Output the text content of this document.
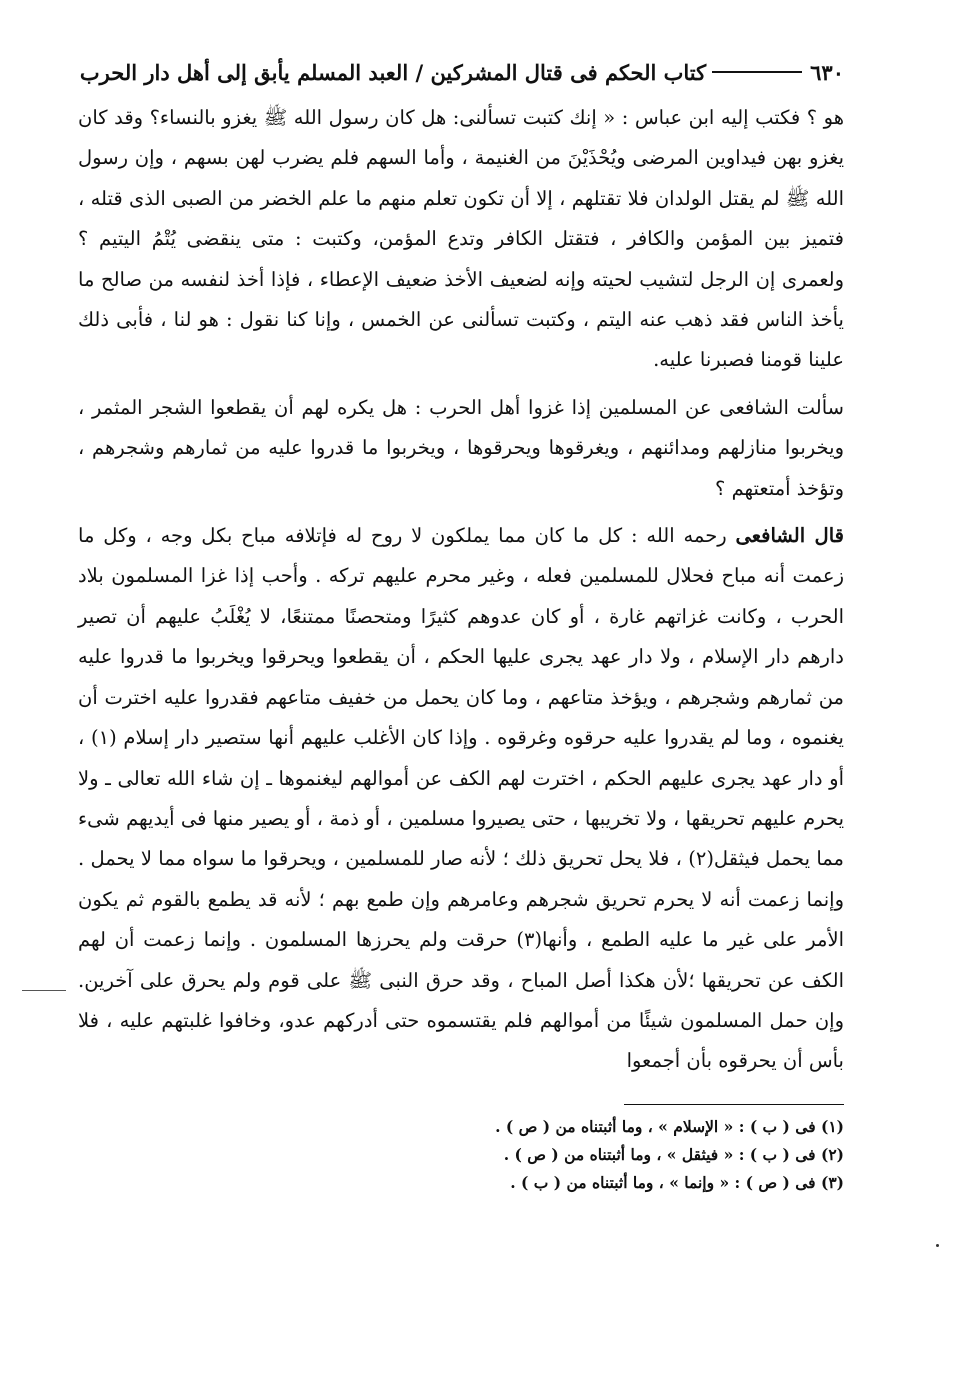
٦٣٠
كتاب الحكم فى قتال المشركين / العبد المسلم يأبق إلى أهل دار الحرب

هو ؟ فكتب إليه ابن عباس : « إنك كتبت تسألنى: هل كان رسول الله ﷺ يغزو بالنساء؟ وقد كان يغزو بهن فيداوين المرضى ويُحْذَيْنَ من الغنيمة ، وأما السهم فلم يضرب لهن بسهم ، وإن رسول الله ﷺ لم يقتل الولدان فلا تقتلهم ، إلا أن تكون تعلم منهم ما علم الخضر من الصبى الذى قتله ، فتميز بين المؤمن والكافر ، فتقتل الكافر وتدع المؤمن، وكتبت : متى ينقضى يُتْمُ اليتيم ؟ ولعمرى إن الرجل لتشيب لحيته وإنه لضعيف الأخذ ضعيف الإعطاء ، فإذا أخذ لنفسه من صالح ما يأخذ الناس فقد ذهب عنه اليتم ، وكتبت تسألنى عن الخمس ، وإنا كنا نقول : هو لنا ، فأبى ذلك علينا قومنا فصبرنا عليه.

سألت الشافعى عن المسلمين إذا غزوا أهل الحرب : هل يكره لهم أن يقطعوا الشجر المثمر ، ويخربوا منازلهم ومدائنهم ، ويغرقوها ويحرقوها ، ويخربوا ما قدروا عليه من ثمارهم وشجرهم ، وتؤخذ أمتعتهم ؟

قال الشافعى رحمه الله : كل ما كان مما يملكون لا روح له فإتلافه مباح بكل وجه ، وكل ما زعمت أنه مباح فحلال للمسلمين فعله ، وغير محرم عليهم تركه . وأحب إذا غزا المسلمون بلاد الحرب ، وكانت غزاتهم غارة ، أو كان عدوهم كثيرًا ومتحصنًا ممتنعًا، لا يُغْلَبُ عليهم أن تصير دارهم دار الإسلام ، ولا دار عهد يجرى عليها الحكم ، أن يقطعوا ويحرقوا ويخربوا ما قدروا عليه من ثمارهم وشجرهم ، ويؤخذ متاعهم ، وما كان يحمل من خفيف متاعهم فقدروا عليه اخترت أن يغنموه ، وما لم يقدروا عليه حرقوه وغرقوه . وإذا كان الأغلب عليهم أنها ستصير دار إسلام (١) ، أو دار عهد يجرى عليهم الحكم ، اخترت لهم الكف عن أموالهم ليغنموها ـ إن شاء الله تعالى ـ ولا يحرم عليهم تحريقها ، ولا تخريبها ، حتى يصيروا مسلمين ، أو ذمة ، أو يصير منها فى أيديهم شىء مما يحمل فيثقل(٢) ، فلا يحل تحريق ذلك ؛ لأنه صار للمسلمين ، ويحرقوا ما سواه مما لا يحمل . وإنما زعمت أنه لا يحرم تحريق شجرهم وعامرهم وإن طمع بهم ؛ لأنه قد يطمع بالقوم ثم يكون الأمر على غير ما عليه الطمع ، وأنها(٣) حرقت ولم يحرزها المسلمون . وإنما زعمت أن لهم الكف عن تحريقها ؛لأن هكذا أصل المباح ، وقد حرق النبى ﷺ على قوم ولم يحرق على آخرين. وإن حمل المسلمون شيئًا من أموالهم فلم يقتسموه حتى أدركهم عدو، وخافوا غلبتهم عليه ، فلا بأس أن يحرقوه بأن أجمعوا

(١) فى ( ب ) : « الإسلام » ، وما أثبتناه من ( ص ) .
(٢) فى ( ب ) : « فيثقل » ، وما أثبتناه من ( ص ) .
(٣) فى ( ص ) : « وإنما » ، وما أثبتناه من ( ب ) .
